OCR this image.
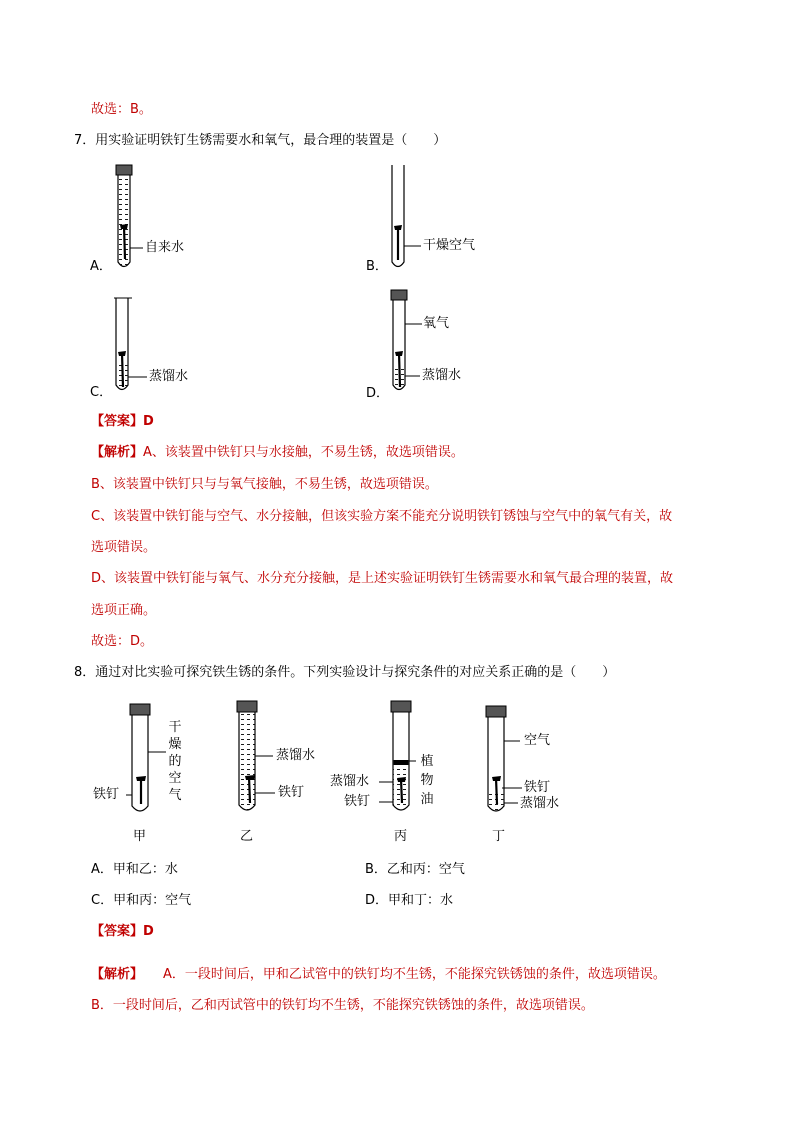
故选：B。
7．用实验证明铁钉生锈需要水和氧气，最合理的装置是（　　）
A．
自来水
B．
干燥空气
C．
蒸馏水
D．
氧气
蒸馏水
【答案】D
【解析】A、该装置中铁钉只与水接触，不易生锈，故选项错误。
B、该装置中铁钉只与与氧气接触，不易生锈，故选项错误。
C、该装置中铁钉能与空气、水分接触，但该实验方案不能充分说明铁钉锈蚀与空气中的氧气有关，故
选项错误。
D、该装置中铁钉能与氧气、水分充分接触，是上述实验证明铁钉生锈需要水和氧气最合理的装置，故
选项正确。
故选：D。
8．通过对比实验可探究铁生锈的条件。下列实验设计与探究条件的对应关系正确的是（　　）
铁钉
干
燥
的
空
气
甲
蒸馏水
铁钉
乙
蒸馏水
铁钉
植
物
油
丙
空气
铁钉
蒸馏水
丁
A．甲和乙：水	B．乙和丙：空气
C．甲和丙：空气	D．甲和丁：水
【答案】D
【解析】 A．一段时间后，甲和乙试管中的铁钉均不生锈，不能探究铁锈蚀的条件，故选项错误。
B．一段时间后，乙和丙试管中的铁钉均不生锈，不能探究铁锈蚀的条件，故选项错误。
